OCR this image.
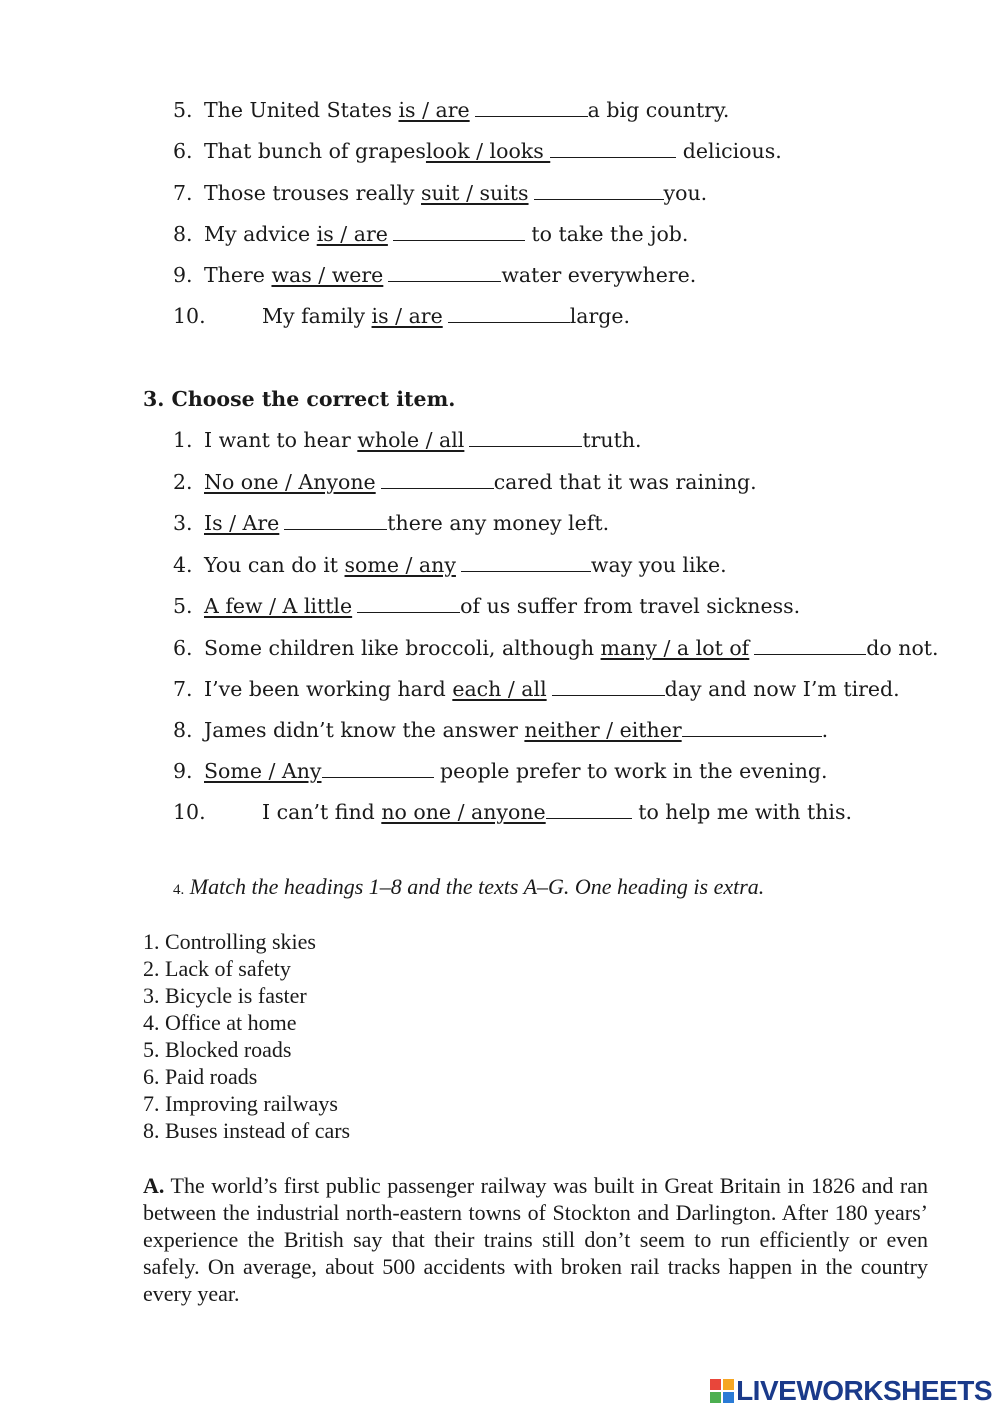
5. The United States is / are	a big country.
6. That bunch of grapeslook / looks	delicious.
7. Those trouses really suit / suits	you.
8. My advice is / are	to take the job.
9. There was / were	water everywhere.
10.	My family is / are	large.
3. Choose the correct item.
1. I want to hear whole / all	truth.
2. No one / Anyone	cared that it was raining.
3. Is / Are	there any money left.
4. You can do it some / any	way you like.
5. A few / A little	of us suffer from travel sickness.
6. Some children like broccoli, although many / a lot of	do not.
7. I’ve been working hard each / all	day and now I’m tired.
8. James didn’t know the answer neither / either	.
9. Some / Any	people prefer to work in the evening.
10.	I can’t find no one / anyone	to help me with this.
4. Match the headings 1–8 and the texts A–G. One heading is extra.
1. Controlling skies
2. Lack of safety
3. Bicycle is faster
4. Office at home
5. Blocked roads
6. Paid roads
7. Improving railways
8. Buses instead of cars
A. The world’s first public passenger railway was built in Great Britain in 1826 and ran between the industrial north-eastern towns of Stockton and Darlington. After 180 years’ experience the British say that their trains still don’t seem to run efficiently or even safely. On average, about 500 accidents with broken rail tracks happen in the country every year.
LIVEWORKSHEETS
